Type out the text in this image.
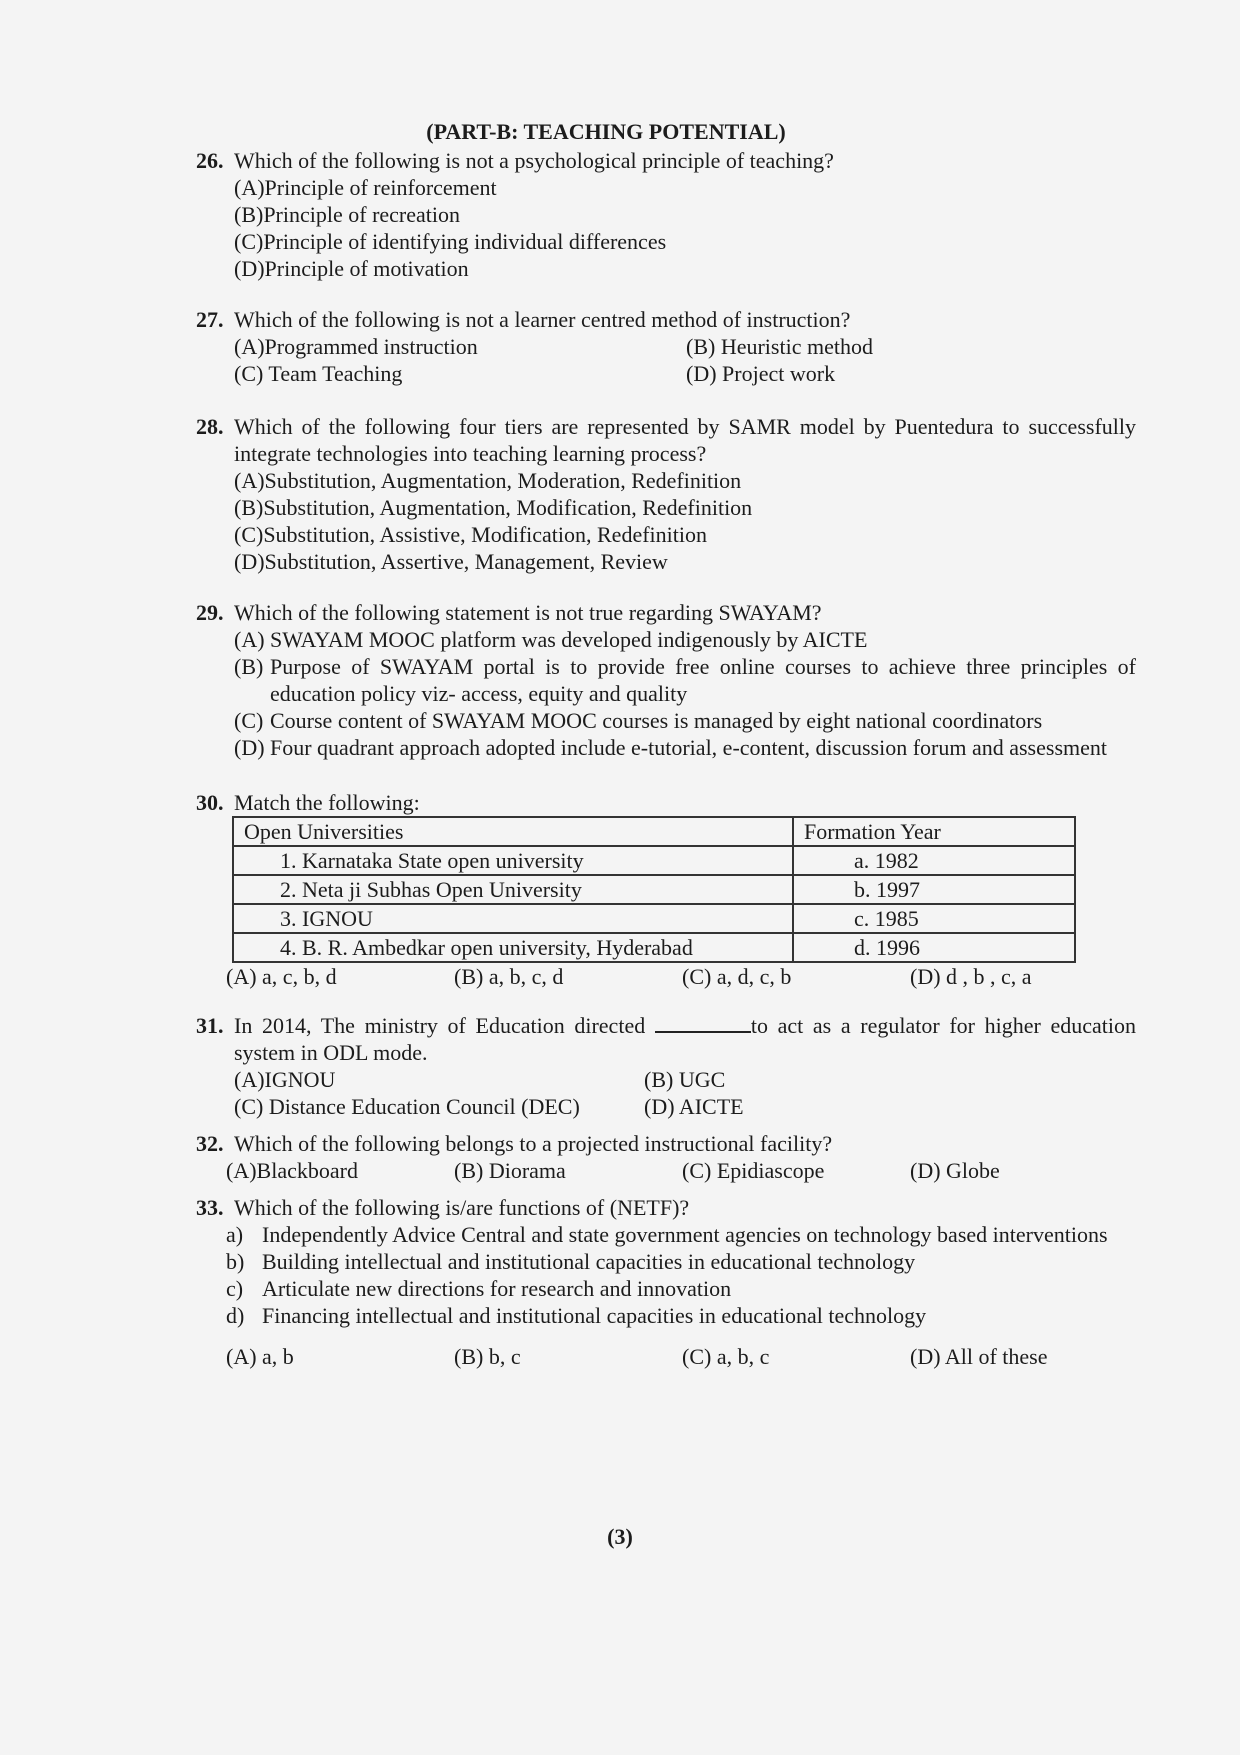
(PART-B: TEACHING POTENTIAL)
26. Which of the following is not a psychological principle of teaching?
(A)Principle of reinforcement
(B)Principle of recreation
(C)Principle of identifying individual differences
(D)Principle of motivation
27. Which of the following is not a learner centred method of instruction?
(A)Programmed instruction	(B) Heuristic method
(C) Team Teaching	(D) Project work
28. Which of the following four tiers are represented by SAMR model by Puentedura to successfully integrate technologies into teaching learning process?
(A)Substitution, Augmentation, Moderation, Redefinition
(B)Substitution, Augmentation, Modification, Redefinition
(C)Substitution, Assistive, Modification, Redefinition
(D)Substitution, Assertive, Management, Review
29. Which of the following statement is not true regarding SWAYAM?
(A) SWAYAM MOOC platform was developed indigenously by AICTE
(B) Purpose of SWAYAM portal is to provide free online courses to achieve three principles of education policy viz- access, equity and quality
(C) Course content of SWAYAM MOOC courses is managed by eight national coordinators
(D) Four quadrant approach adopted include e-tutorial, e-content, discussion forum and assessment
30. Match the following:
Open Universities	Formation Year
1. Karnataka State open university	a. 1982
2. Neta ji Subhas Open University	b. 1997
3. IGNOU	c. 1985
4. B. R. Ambedkar open university, Hyderabad	d. 1996
(A) a, c, b, d	(B) a, b, c, d	(C) a, d, c, b	(D) d , b , c, a
31. In 2014, The ministry of Education directed	to act as a regulator for higher education system in ODL mode.
(A)IGNOU	(B) UGC
(C) Distance Education Council (DEC)	(D) AICTE
32. Which of the following belongs to a projected instructional facility?
(A)Blackboard	(B) Diorama	(C) Epidiascope	(D) Globe
33. Which of the following is/are functions of (NETF)?
a) Independently Advice Central and state government agencies on technology based interventions
b) Building intellectual and institutional capacities in educational technology
c) Articulate new directions for research and innovation
d) Financing intellectual and institutional capacities in educational technology
(A) a, b	(B) b, c	(C) a, b, c	(D) All of these
(3)
